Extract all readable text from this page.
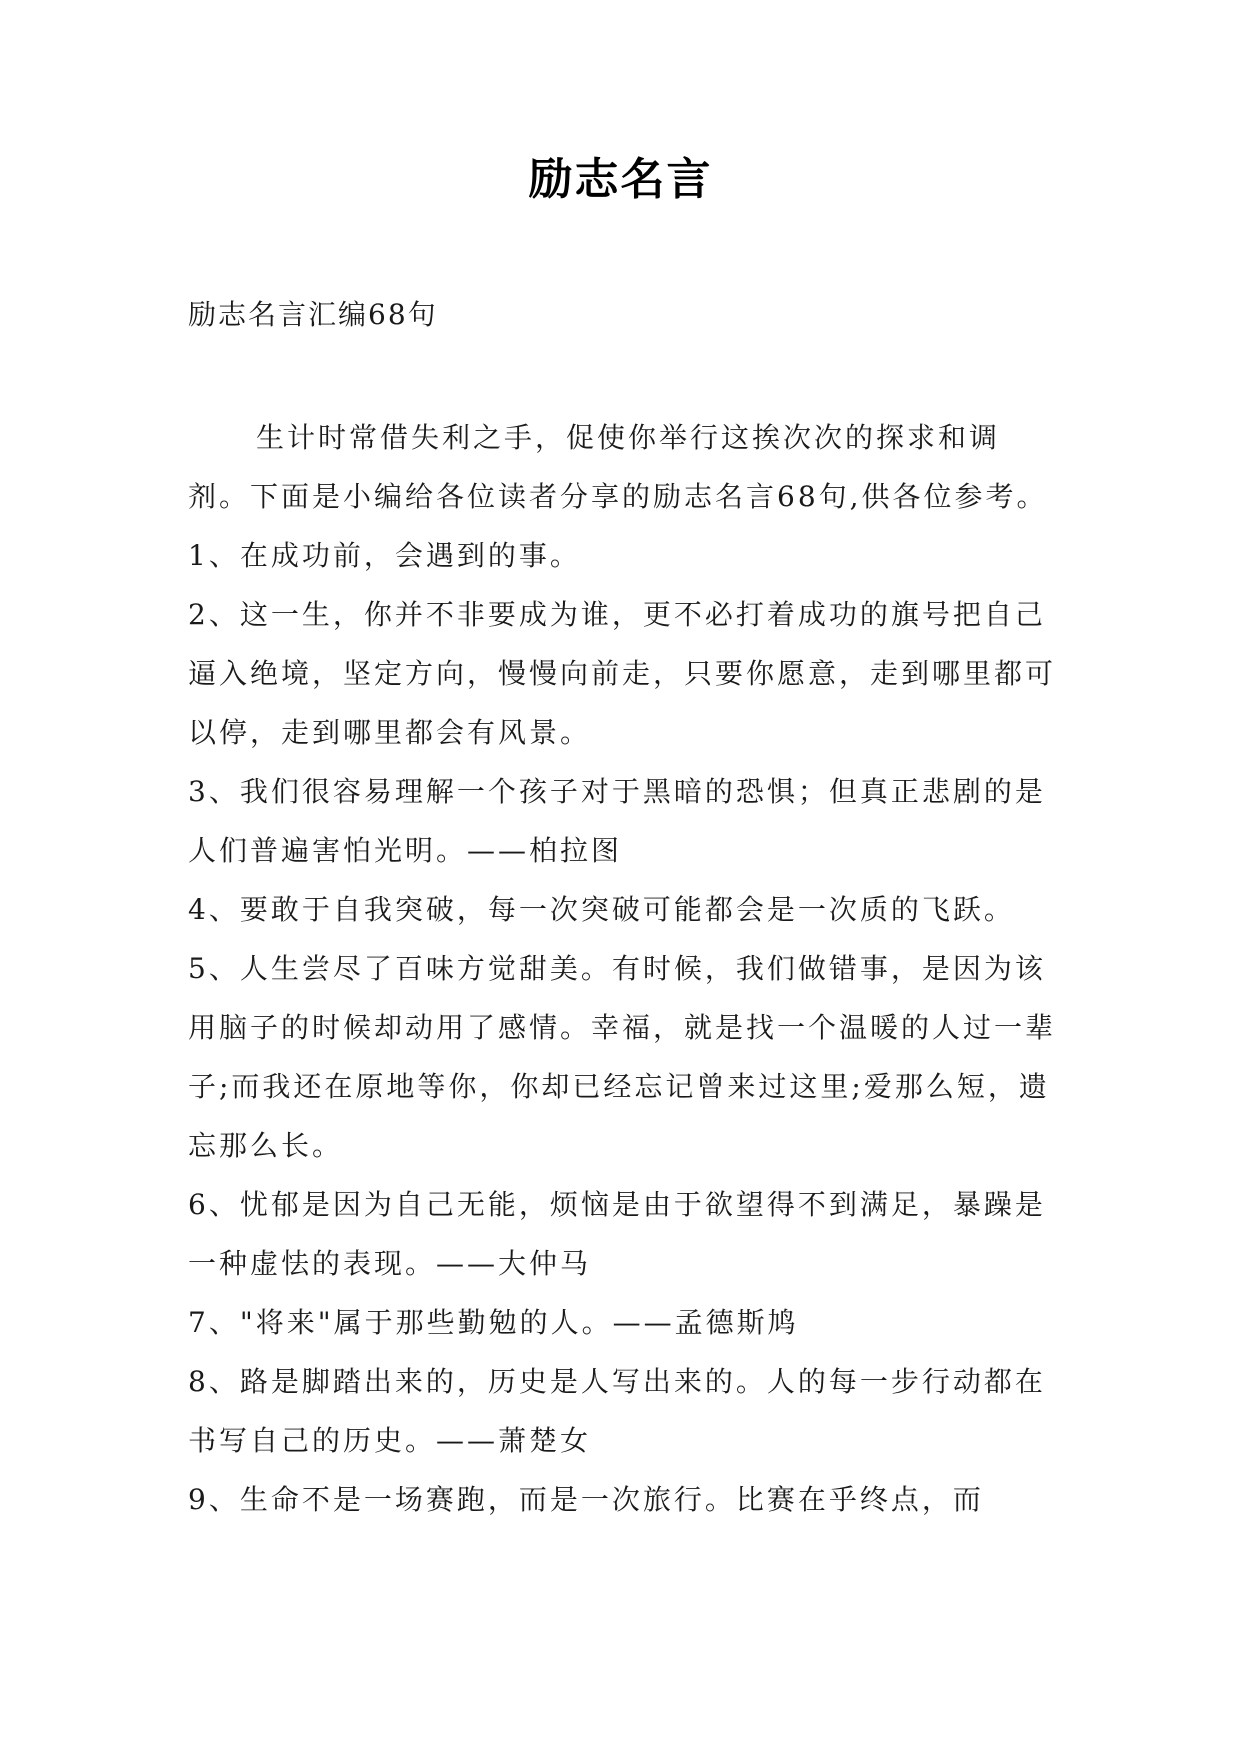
励志名言
励志名言汇编68句

生计时常借失利之手，促使你举行这挨次次的探求和调剂。下面是小编给各位读者分享的励志名言68句,供各位参考。

1、在成功前，会遇到的事。

2、这一生，你并不非要成为谁，更不必打着成功的旗号把自己逼入绝境，坚定方向，慢慢向前走，只要你愿意，走到哪里都可以停，走到哪里都会有风景。

3、我们很容易理解一个孩子对于黑暗的恐惧；但真正悲剧的是人们普遍害怕光明。——柏拉图

4、要敢于自我突破，每一次突破可能都会是一次质的飞跃。

5、人生尝尽了百味方觉甜美。有时候，我们做错事，是因为该用脑子的时候却动用了感情。幸福，就是找一个温暖的人过一辈子;而我还在原地等你，你却已经忘记曾来过这里;爱那么短，遗忘那么长。

6、忧郁是因为自己无能，烦恼是由于欲望得不到满足，暴躁是一种虚怯的表现。——大仲马

7、"将来"属于那些勤勉的人。——孟德斯鸠

8、路是脚踏出来的，历史是人写出来的。人的每一步行动都在书写自己的历史。——萧楚女

9、生命不是一场赛跑，而是一次旅行。比赛在乎终点，而
